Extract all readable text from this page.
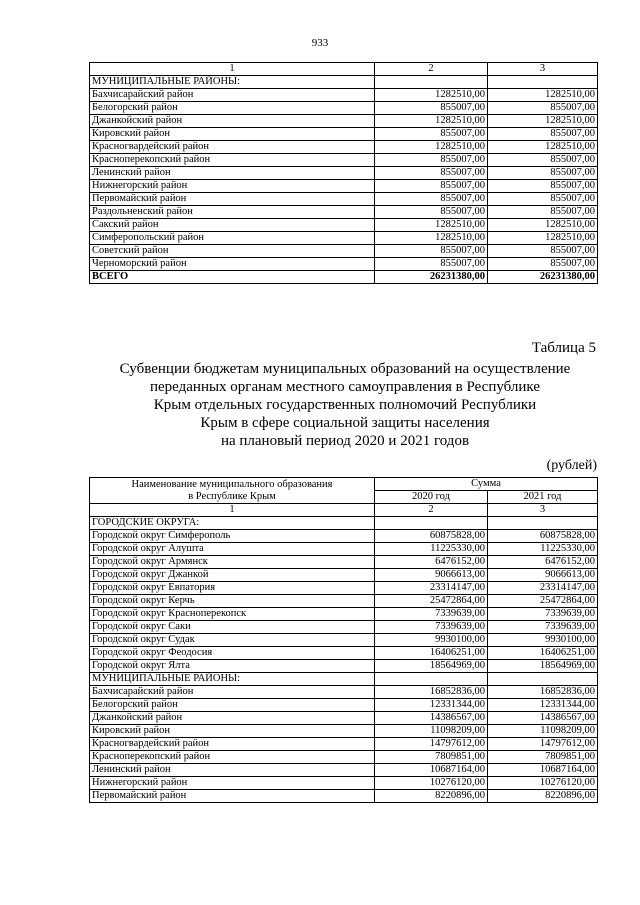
933
1	2	3
МУНИЦИПАЛЬНЫЕ РАЙОНЫ:		
Бахчисарайский район	1282510,00	1282510,00
Белогорский район	855007,00	855007,00
Джанкойский район	1282510,00	1282510,00
Кировский район	855007,00	855007,00
Красногвардейский район	1282510,00	1282510,00
Красноперекопский район	855007,00	855007,00
Ленинский район	855007,00	855007,00
Нижнегорский район	855007,00	855007,00
Первомайский район	855007,00	855007,00
Раздольненский район	855007,00	855007,00
Сакский район	1282510,00	1282510,00
Симферопольский район	1282510,00	1282510,00
Советский район	855007,00	855007,00
Черноморский район	855007,00	855007,00
ВСЕГО	26231380,00	26231380,00
Таблица 5
Субвенции бюджетам муниципальных образований на осуществление
переданных органам местного самоуправления в Республике
Крым отдельных государственных полномочий Республики
Крым в сфере социальной защиты населения
на плановый период 2020 и 2021 годов
(рублей)
Наименование муниципального образования
в Республике Крым	Сумма	
	2020 год	2021 год
1	2	3
ГОРОДСКИЕ ОКРУГА:		
Городской округ Симферополь	60875828,00	60875828,00
Городской округ Алушта	11225330,00	11225330,00
Городской округ Армянск	6476152,00	6476152,00
Городской округ Джанкой	9066613,00	9066613,00
Городской округ Евпатория	23314147,00	23314147,00
Городской округ Керчь	25472864,00	25472864,00
Городской округ Красноперекопск	7339639,00	7339639,00
Городской округ Саки	7339639,00	7339639,00
Городской округ Судак	9930100,00	9930100,00
Городской округ Феодосия	16406251,00	16406251,00
Городской округ Ялта	18564969,00	18564969,00
МУНИЦИПАЛЬНЫЕ РАЙОНЫ:		
Бахчисарайский район	16852836,00	16852836,00
Белогорский район	12331344,00	12331344,00
Джанкойский район	14386567,00	14386567,00
Кировский район	11098209,00	11098209,00
Красногвардейский район	14797612,00	14797612,00
Красноперекопский район	7809851,00	7809851,00
Ленинский район	10687164,00	10687164,00
Нижнегорский район	10276120,00	10276120,00
Первомайский район	8220896,00	8220896,00
